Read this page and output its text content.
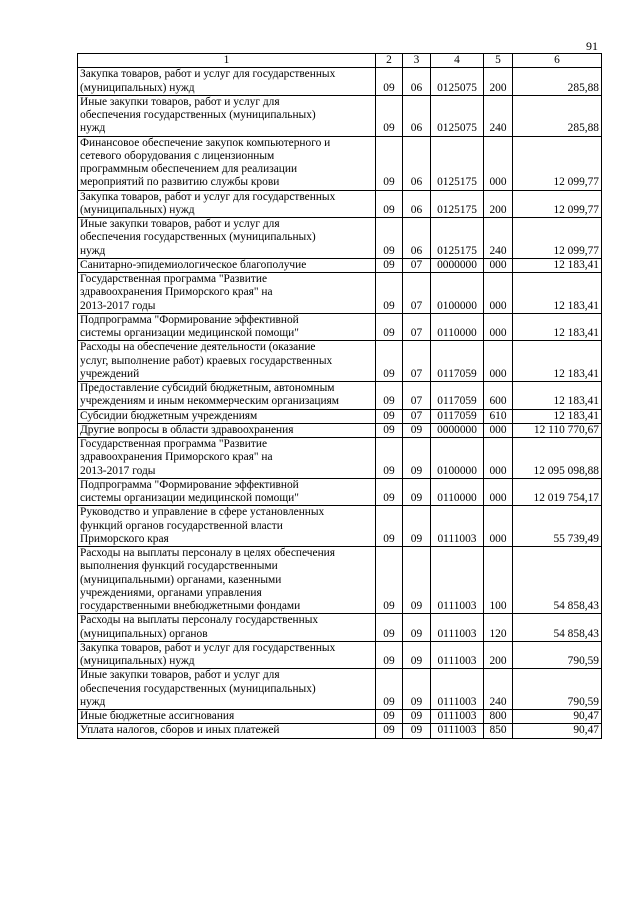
91
1	2	3	4	5	6

Закупка товаров, работ и услуг для государственных
(муниципальных) нужд	09	06	0125075	200	285,88

Иные закупки товаров, работ и услуг для
обеспечения государственных (муниципальных)
нужд	09	06	0125075	240	285,88

Финансовое обеспечение закупок компьютерного и
сетевого оборудования с лицензионным
программным обеспечением для реализации
мероприятий по развитию службы крови	09	06	0125175	000	12 099,77

Закупка товаров, работ и услуг для государственных
(муниципальных) нужд	09	06	0125175	200	12 099,77

Иные закупки товаров, работ и услуг для
обеспечения государственных (муниципальных)
нужд	09	06	0125175	240	12 099,77

Санитарно-эпидемиологическое благополучие	09	07	0000000	000	12 183,41

Государственная программа "Развитие
здравоохранения Приморского края" на
2013-2017 годы	09	07	0100000	000	12 183,41

Подпрограмма "Формирование эффективной
системы организации медицинской помощи"	09	07	0110000	000	12 183,41

Расходы на обеспечение деятельности (оказание
услуг, выполнение работ) краевых государственных
учреждений	09	07	0117059	000	12 183,41

Предоставление субсидий бюджетным, автономным
учреждениям и иным некоммерческим организациям	09	07	0117059	600	12 183,41

Субсидии бюджетным учреждениям	09	07	0117059	610	12 183,41

Другие вопросы в области здравоохранения	09	09	0000000	000	12 110 770,67

Государственная программа "Развитие
здравоохранения Приморского края" на
2013-2017 годы	09	09	0100000	000	12 095 098,88

Подпрограмма "Формирование эффективной
системы организации медицинской помощи"	09	09	0110000	000	12 019 754,17

Руководство и управление в сфере установленных
функций органов государственной власти
Приморского края	09	09	0111003	000	55 739,49

Расходы на выплаты персоналу в целях обеспечения
выполнения функций государственными
(муниципальными) органами, казенными
учреждениями, органами управления
государственными внебюджетными фондами	09	09	0111003	100	54 858,43

Расходы на выплаты персоналу государственных
(муниципальных) органов	09	09	0111003	120	54 858,43

Закупка товаров, работ и услуг для государственных
(муниципальных) нужд	09	09	0111003	200	790,59

Иные закупки товаров, работ и услуг для
обеспечения государственных (муниципальных)
нужд	09	09	0111003	240	790,59

Иные бюджетные ассигнования	09	09	0111003	800	90,47

Уплата налогов, сборов и иных платежей	09	09	0111003	850	90,47
